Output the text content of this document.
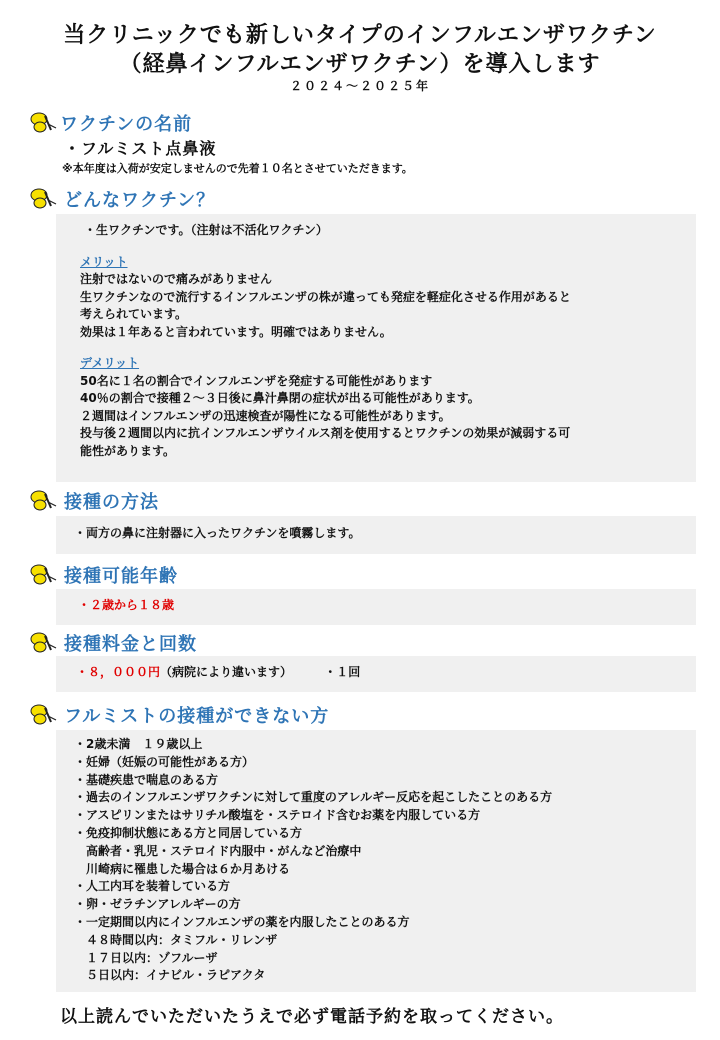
当クリニックでも新しいタイプのインフルエンザワクチン
（経鼻インフルエンザワクチン）を導入します
２０２４～２０２５年
ワクチンの名前
・フルミスト点鼻液
※本年度は入荷が安定しませんので先着１０名とさせていただきます。
どんなワクチン？

・生ワクチンです。（注射は不活化ワクチン）

メリット

注射ではないので痛みがありません

生ワクチンなので流行するインフルエンザの株が違っても発症を軽症化させる作用があると

考えられています。

効果は１年あると言われています。明確ではありません。

デメリット

50名に１名の割合でインフルエンザを発症する可能性があります

40％の割合で接種２～３日後に鼻汁鼻閉の症状が出る可能性があります。

２週間はインフルエンザの迅速検査が陽性になる可能性があります。

投与後２週間以内に抗インフルエンザウイルス剤を使用するとワクチンの効果が減弱する可

能性があります。

接種の方法

・両方の鼻に注射器に入ったワクチンを噴霧します。

接種可能年齢

・２歳から１８歳

接種料金と回数

・８，０００円（病院により違います）	・１回

フルミストの接種ができない方

・2歳未満　１９歳以上

・妊婦（妊娠の可能性がある方）

・基礎疾患で喘息のある方

・過去のインフルエンザワクチンに対して重度のアレルギー反応を起こしたことのある方

・アスピリンまたはサリチル酸塩を・ステロイド含むお薬を内服している方

・免疫抑制状態にある方と同居している方

　高齢者・乳児・ステロイド内服中・がんなど治療中

　川崎病に罹患した場合は６か月あける

・人工内耳を装着している方

・卵・ゼラチンアレルギーの方

・一定期間以内にインフルエンザの薬を内服したことのある方

　４８時間以内：タミフル・リレンザ

　１７日以内：ゾフルーザ

　５日以内：イナビル・ラピアクタ

以上読んでいただいたうえで必ず電話予約を取ってください。
